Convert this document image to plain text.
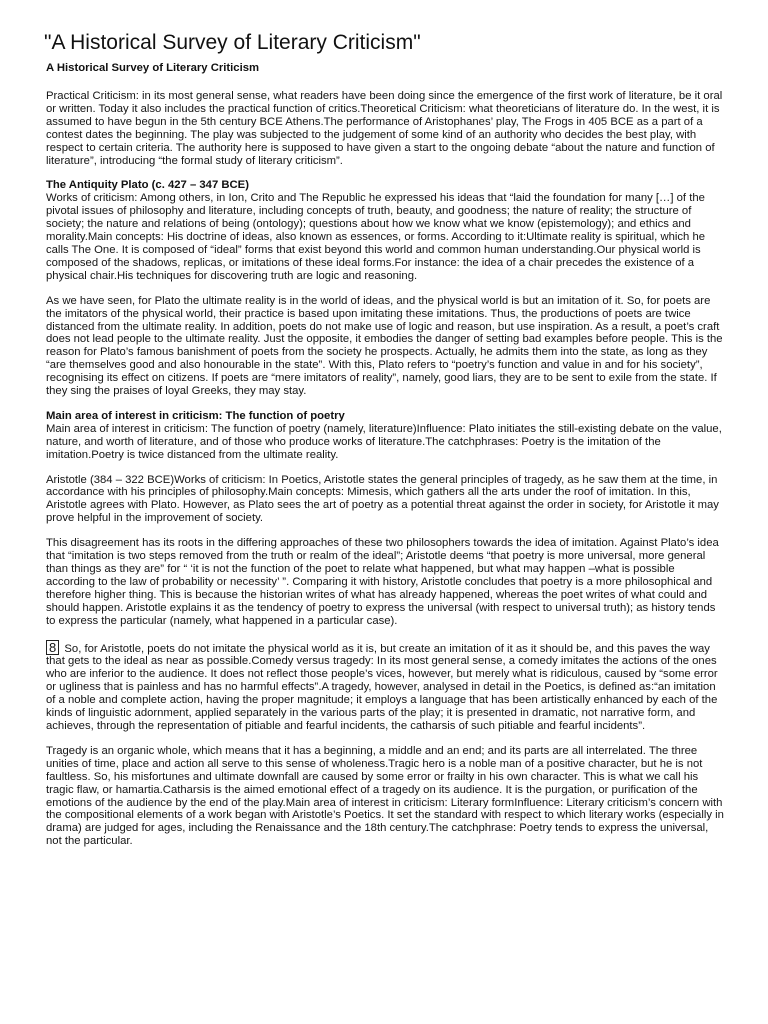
"A Historical Survey of Literary Criticism"
A Historical Survey of Literary Criticism

Practical Criticism: in its most general sense, what readers have been doing since the emergence of the first work of literature, be it oral or written. Today it also includes the practical function of critics.Theoretical Criticism: what theoreticians of literature do. In the west, it is assumed to have begun in the 5th century BCE Athens.The performance of Aristophanes’ play, The Frogs in 405 BCE as a part of a contest dates the beginning. The play was subjected to the judgement of some kind of an authority who decides the best play, with respect to certain criteria. The authority here is supposed to have given a start to the ongoing debate “about the nature and function of literature”, introducing “the formal study of literary criticism”.

The Antiquity Plato (c. 427 – 347 BCE)
Works of criticism: Among others, in Ion, Crito and The Republic he expressed his ideas that “laid the foundation for many […] of the pivotal issues of philosophy and literature, including concepts of truth, beauty, and goodness; the nature of reality; the structure of society; the nature and relations of being (ontology); questions about how we know what we know (epistemology); and ethics and morality.Main concepts: His doctrine of ideas, also known as essences, or forms. According to it:Ultimate reality is spiritual, which he calls The One. It is composed of “ideal” forms that exist beyond this world and common human understanding.Our physical world is composed of the shadows, replicas, or imitations of these ideal forms.For instance: the idea of a chair precedes the existence of a physical chair.His techniques for discovering truth are logic and reasoning.

As we have seen, for Plato the ultimate reality is in the world of ideas, and the physical world is but an imitation of it. So, for poets are the imitators of the physical world, their practice is based upon imitating these imitations. Thus, the productions of poets are twice distanced from the ultimate reality. In addition, poets do not make use of logic and reason, but use inspiration. As a result, a poet’s craft does not lead people to the ultimate reality. Just the opposite, it embodies the danger of setting bad examples before people. This is the reason for Plato’s famous banishment of poets from the society he prospects. Actually, he admits them into the state, as long as they “are themselves good and also honourable in the state”. With this, Plato refers to “poetry’s function and value in and for his society”, recognising its effect on citizens. If poets are “mere imitators of reality”, namely, good liars, they are to be sent to exile from the state. If they sing the praises of loyal Greeks, they may stay.

Main area of interest in criticism: The function of poetry
Main area of interest in criticism: The function of poetry (namely, literature)Influence: Plato initiates the still-existing debate on the value, nature, and worth of literature, and of those who produce works of literature.The catchphrases: Poetry is the imitation of the imitation.Poetry is twice distanced from the ultimate reality.

Aristotle (384 – 322 BCE)Works of criticism: In Poetics, Aristotle states the general principles of tragedy, as he saw them at the time, in accordance with his principles of philosophy.Main concepts: Mimesis, which gathers all the arts under the roof of imitation. In this, Aristotle agrees with Plato. However, as Plato sees the art of poetry as a potential threat against the order in society, for Aristotle it may prove helpful in the improvement of society.

This disagreement has its roots in the differing approaches of these two philosophers towards the idea of imitation. Against Plato’s idea that “imitation is two steps removed from the truth or realm of the ideal”; Aristotle deems “that poetry is more universal, more general than things as they are” for “ ‘it is not the function of the poet to relate what happened, but what may happen –what is possible according to the law of probability or necessity’ ”. Comparing it with history, Aristotle concludes that poetry is a more philosophical and therefore higher thing. This is because the historian writes of what has already happened, whereas the poet writes of what could and should happen. Aristotle explains it as the tendency of poetry to express the universal (with respect to universal truth); as history tends to express the particular (namely, what happened in a particular case).

8 So, for Aristotle, poets do not imitate the physical world as it is, but create an imitation of it as it should be, and this paves the way that gets to the ideal as near as possible.Comedy versus tragedy: In its most general sense, a comedy imitates the actions of the ones who are inferior to the audience. It does not reflect those people’s vices, however, but merely what is ridiculous, caused by “some error or ugliness that is painless and has no harmful effects”.A tragedy, however, analysed in detail in the Poetics, is defined as:“an imitation of a noble and complete action, having the proper magnitude; it employs a language that has been artistically enhanced by each of the kinds of linguistic adornment, applied separately in the various parts of the play; it is presented in dramatic, not narrative form, and achieves, through the representation of pitiable and fearful incidents, the catharsis of such pitiable and fearful incidents”.

Tragedy is an organic whole, which means that it has a beginning, a middle and an end; and its parts are all interrelated. The three unities of time, place and action all serve to this sense of wholeness.Tragic hero is a noble man of a positive character, but he is not faultless. So, his misfortunes and ultimate downfall are caused by some error or frailty in his own character. This is what we call his tragic flaw, or hamartia.Catharsis is the aimed emotional effect of a tragedy on its audience. It is the purgation, or purification of the emotions of the audience by the end of the play.Main area of interest in criticism: Literary formInfluence: Literary criticism’s concern with the compositional elements of a work began with Aristotle’s Poetics. It set the standard with respect to which literary works (especially in drama) are judged for ages, including the Renaissance and the 18th century.The catchphrase: Poetry tends to express the universal, not the particular.
